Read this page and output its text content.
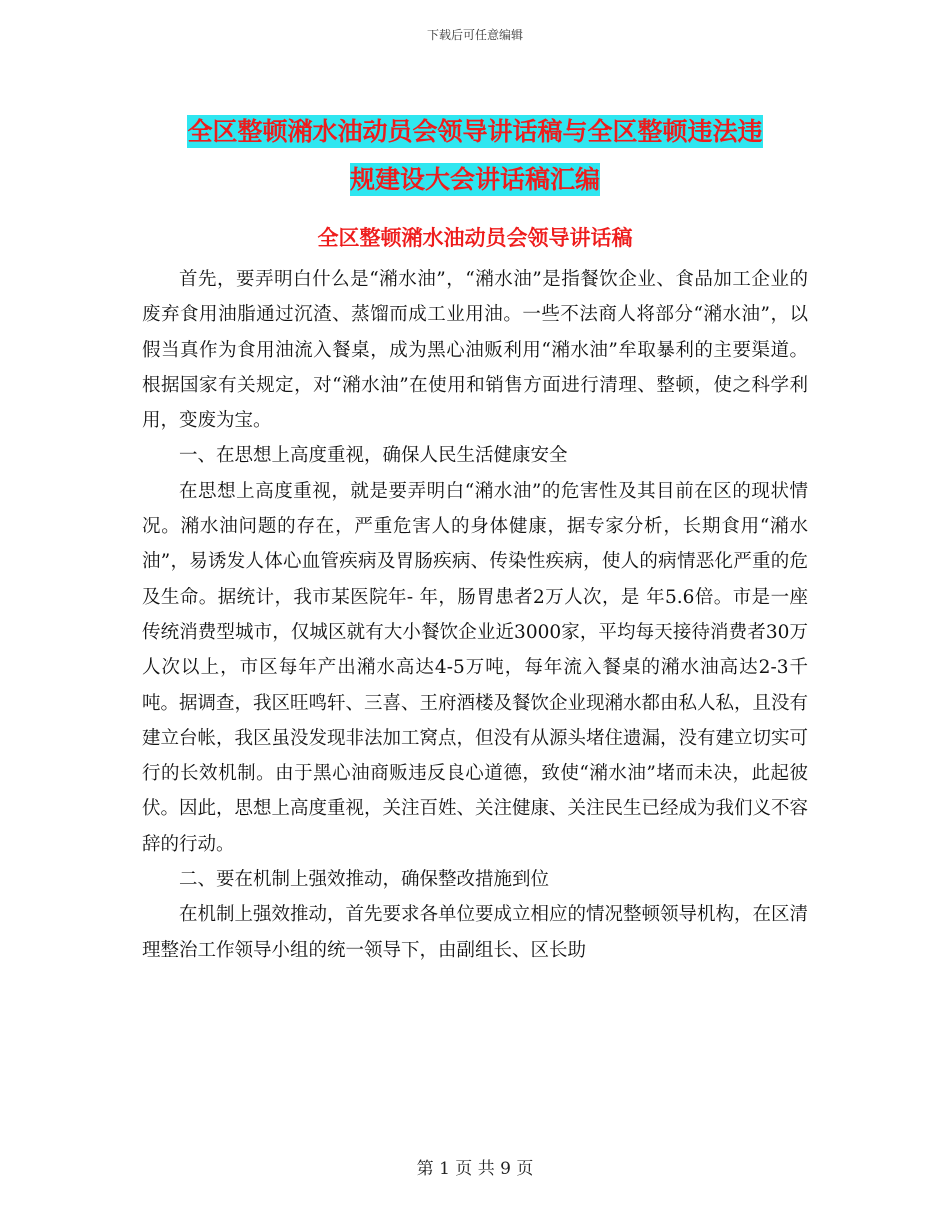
下载后可任意编辑
全区整顿潲水油动员会领导讲话稿与全区整顿违法违
规建设大会讲话稿汇编
全区整顿潲水油动员会领导讲话稿

首先，要弄明白什么是“潲水油”，“潲水油”是指餐饮企业、食品加工企业的废弃食用油脂通过沉渣、蒸馏而成工业用油。一些不法商人将部分“潲水油”，以假当真作为食用油流入餐桌，成为黑心油贩利用“潲水油”牟取暴利的主要渠道。根据国家有关规定，对“潲水油”在使用和销售方面进行清理、整顿，使之科学利用，变废为宝。

一、在思想上高度重视，确保人民生活健康安全

在思想上高度重视，就是要弄明白“潲水油”的危害性及其目前在区的现状情况。潲水油问题的存在，严重危害人的身体健康，据专家分析，长期食用“潲水油”，易诱发人体心血管疾病及胃肠疾病、传染性疾病，使人的病情恶化严重的危及生命。据统计，我市某医院年- 年，肠胃患者2万人次，是 年5.6倍。市是一座传统消费型城市，仅城区就有大小餐饮企业近3000家，平均每天接待消费者30万人次以上，市区每年产出潲水高达4-5万吨，每年流入餐桌的潲水油高达2-3千吨。据调查，我区旺鸣轩、三喜、王府酒楼及餐饮企业现潲水都由私人私，且没有建立台帐，我区虽没发现非法加工窝点，但没有从源头堵住遗漏，没有建立切实可行的长效机制。由于黑心油商贩违反良心道德，致使“潲水油”堵而未决，此起彼伏。因此，思想上高度重视，关注百姓、关注健康、关注民生已经成为我们义不容辞的行动。

二、要在机制上强效推动，确保整改措施到位

在机制上强效推动，首先要求各单位要成立相应的情况整顿领导机构，在区清理整治工作领导小组的统一领导下，由副组长、区长助

第 1 页 共 9 页
